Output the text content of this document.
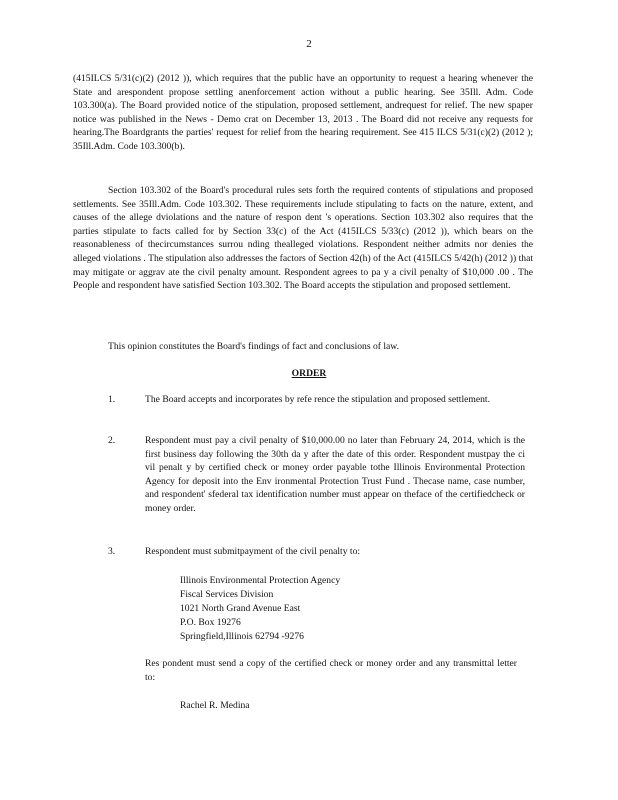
2

(415ILCS 5/31(c)(2) (2012 )), which requires that the public have an opportunity to request a hearing whenever the State and arespondent propose settling anenforcement action without a public hearing. See 35Ill. Adm. Code 103.300(a). The Board provided notice of the stipulation, proposed settlement, andrequest for relief. The new spaper notice was published in the News - Demo crat on December 13, 2013 . The Board did not receive any requests for hearing.The Boardgrants the parties' request for relief from the hearing requirement. See 415 ILCS 5/31(c)(2) (2012 ); 35Ill.Adm. Code 103.300(b).

Section 103.302 of the Board's procedural rules sets forth the required contents of stipulations and proposed settlements. See 35Ill.Adm. Code 103.302. These requirements include stipulating to facts on the nature, extent, and causes of the allege dviolations and the nature of respon dent 's operations. Section 103.302 also requires that the parties stipulate to facts called for by Section 33(c) of the Act (415ILCS 5/33(c) (2012 )), which bears on the reasonableness of thecircumstances surrou nding thealleged violations. Respondent neither admits nor denies the alleged violations . The stipulation also addresses the factors of Section 42(h) of the Act (415ILCS 5/42(h) (2012 )) that may mitigate or aggrav ate the civil penalty amount. Respondent agrees to pa y a civil penalty of $10,000 .00 . The People and respondent have satisfied Section 103.302. The Board accepts the stipulation and proposed settlement.

This opinion constitutes the Board's findings of fact and conclusions of law.

ORDER
1.	The Board accepts and incorporates by refe rence the stipulation and proposed settlement.

2.	Respondent must pay a civil penalty of $10,000.00 no later than February 24, 2014, which is the first business day following the 30th da y after the date of this order. Respondent mustpay the ci vil penalt y by certified check or money order payable tothe Illinois Environmental Protection Agency for deposit into the Env ironmental Protection Trust Fund . Thecase name, case number, and respondent' sfederal tax identification number must appear on theface of the certifiedcheck or money order.

3.	Respondent must submitpayment of the civil penalty to:

Illinois Environmental Protection Agency
Fiscal Services Division
1021 North Grand Avenue East
P.O. Box 19276
Springfield,Illinois 62794 -9276

Res pondent must send a copy of the certified check or money order and any transmittal letter to:

Rachel R. Medina
